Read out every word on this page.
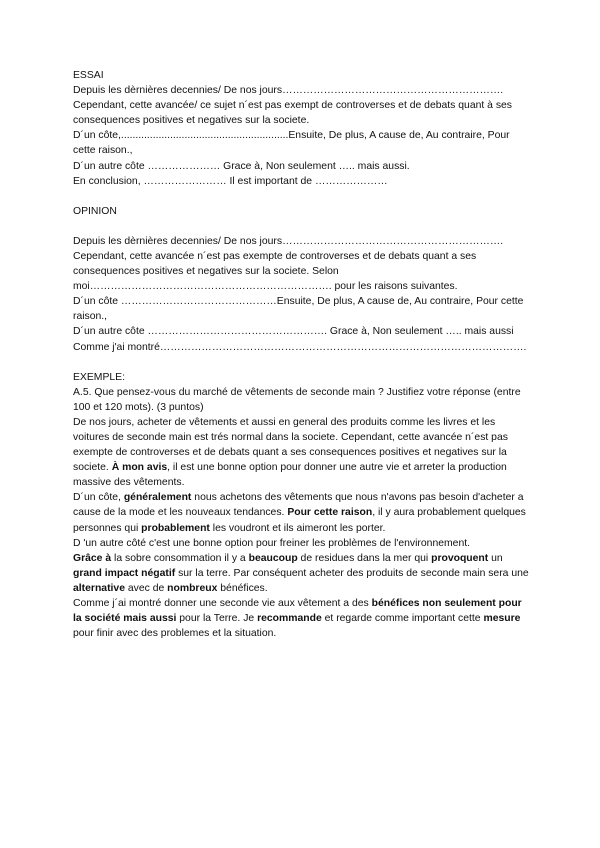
ESSAI

Depuis les dèrnières decennies/ De nos jours………………………………………………………. Cependant, cette avancée/ ce sujet n´est pas exempt de controverses et de debats quant à ses consequences positives et negatives sur la societe.

D´un côte,..........................................................Ensuite, De plus, A cause de, Au contraire, Pour cette raison.,

D´un autre côte ………………… Grace à, Non seulement ….. mais aussi.

En conclusion, …………………… Il est important de …………………

OPINION

Depuis les dèrnières decennies/ De nos jours………………………………………………………. Cependant, cette avancée n´est pas exempte de controverses et de debats quant a ses consequences positives et negatives sur la societe. Selon moi……………………………………………………………. pour les raisons suivantes.

D´un côte ………………………………………Ensuite, De plus, A cause de, Au contraire, Pour cette raison.,

D´un autre côte ……………………………………………. Grace à, Non seulement ….. mais aussi

Comme j'ai montré…………………………………………………………………………………………….

EXEMPLE:

A.5. Que pensez-vous du marché de vêtements de seconde main ? Justifiez votre réponse (entre 100 et 120 mots). (3 puntos)

De nos jours, acheter de vêtements et aussi en general des produits comme les livres et les voitures de seconde main est trés normal dans la societe. Cependant, cette avancée n´est pas exempte de controverses et de debats quant a ses consequences positives et negatives sur la societe. À mon avis, il est une bonne option pour donner une autre vie et arreter la production massive des vêtements.

D´un côte, généralement nous achetons des vêtements que nous n'avons pas besoin d'acheter a cause de la mode et les nouveaux tendances. Pour cette raison, il y aura probablement quelques personnes qui probablement les voudront et ils aimeront les porter.

D 'un autre côté c'est une bonne option pour freiner les problèmes de l'environnement.

Grâce à la sobre consommation il y a beaucoup de residues dans la mer qui provoquent un grand impact négatif sur la terre. Par conséquent acheter des produits de seconde main sera une alternative avec de nombreux bénéfices.

Comme j´ai montré donner une seconde vie aux vêtement a des bénéfices non seulement pour la société mais aussi pour la Terre. Je recommande et regarde comme important cette mesure pour finir avec des problemes et la situation.
